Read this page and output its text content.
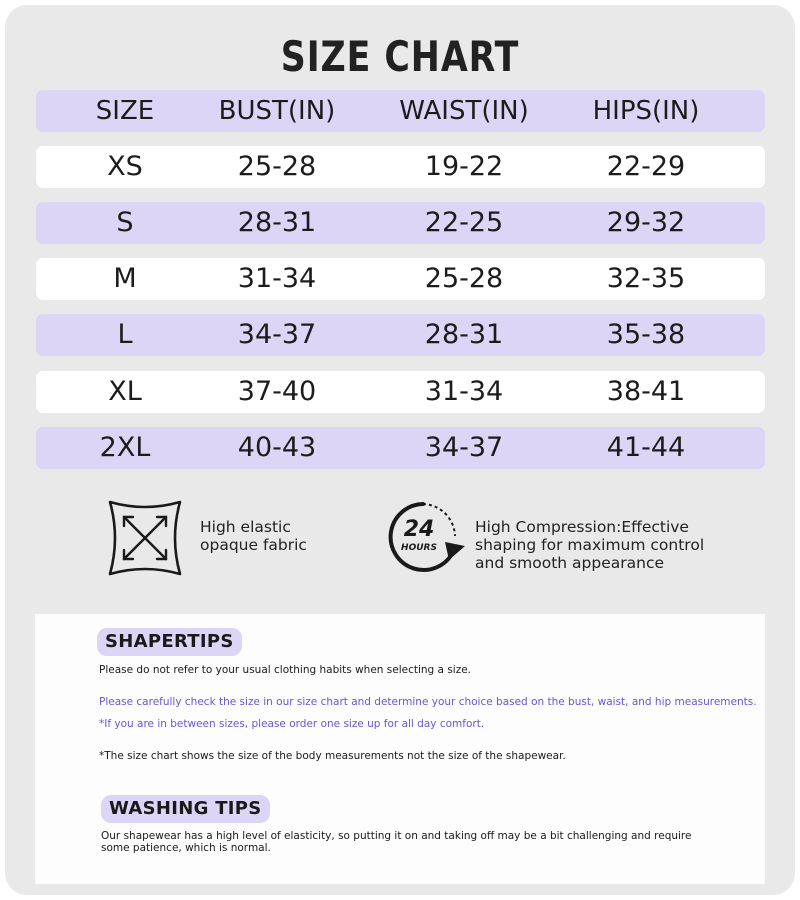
SIZE CHART
SIZE BUST(IN) WAIST(IN) HIPS(IN)
XS	25-28	19-22	22-29
S	28-31	22-25	29-32
M	31-34	25-28	32-35
L	34-37	28-31	35-38
XL	37-40	31-34	38-41
2XL	40-43	34-37	41-44
High elastic
opaque fabric
24
HOURS
High Compression:Effective
shaping for maximum control
and smooth appearance
SHAPERTIPS
Please do not refer to your usual clothing habits when selecting a size.
Please carefully check the size in our size chart and determine your choice based on the bust, waist, and hip measurements.
*If you are in between sizes, please order one size up for all day comfort.
*The size chart shows the size of the body measurements not the size of the shapewear.
WASHING TIPS
Our shapewear has a high level of elasticity, so putting it on and taking off may be a bit challenging and require some patience, which is normal.
